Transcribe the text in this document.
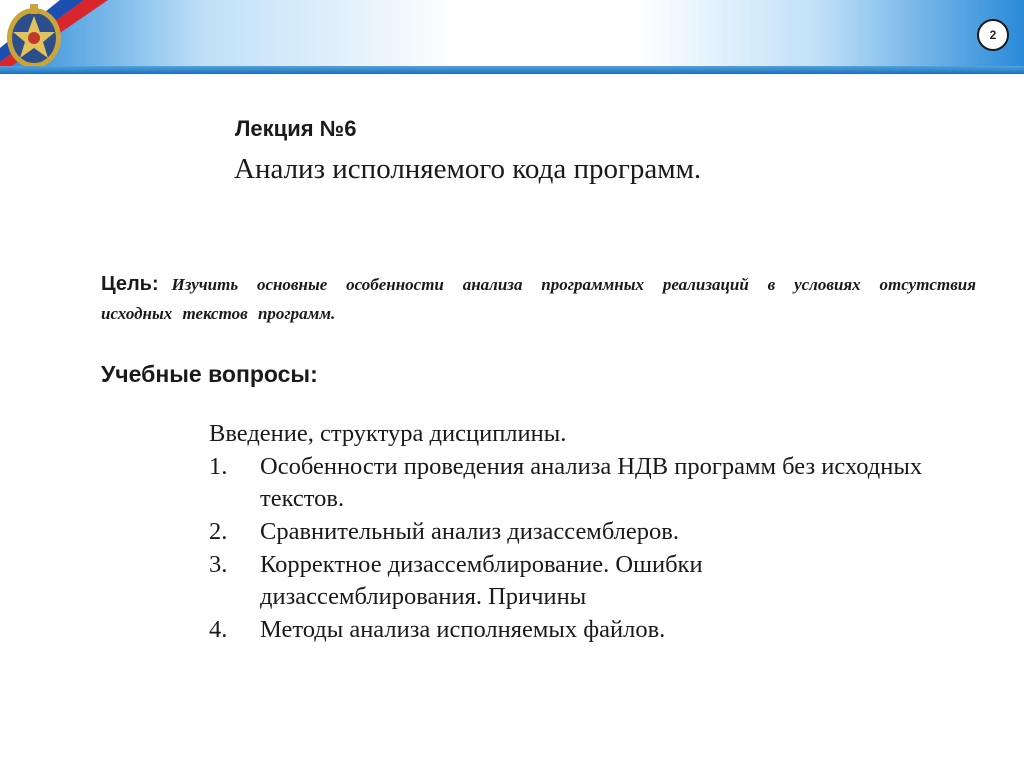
2
Лекция №6
Анализ исполняемого кода программ.
Цель: Изучить основные особенности анализа программных реализаций в условиях отсутствия исходных текстов программ.
Учебные вопросы:
Введение, структура дисциплины.
1.	Особенности проведения анализа НДВ программ без исходных текстов.
2.	Сравнительный анализ дизассемблеров.
3.	Корректное дизассемблирование. Ошибки дизассемблирования. Причины
4.	Методы анализа исполняемых файлов.
